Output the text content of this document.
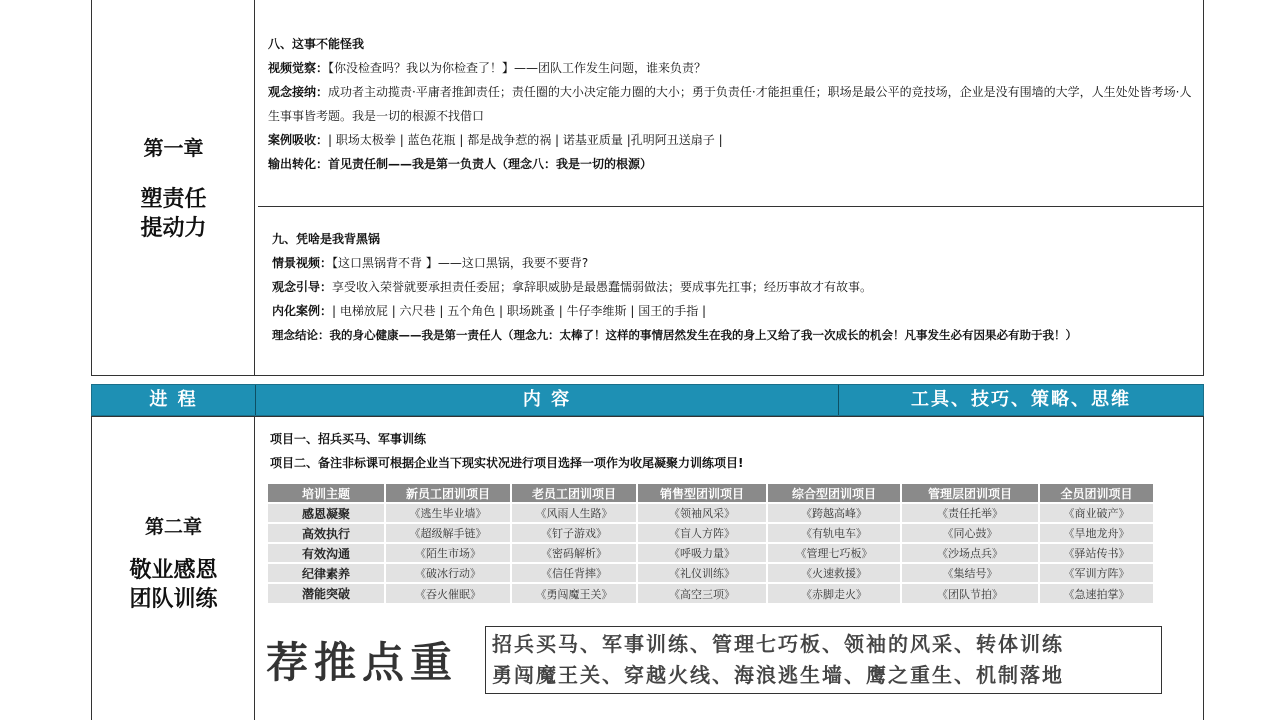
第一章
塑责任
提动力
八、这事不能怪我
视频觉察：【你没检查吗？我以为你检查了！】——团队工作发生问题，谁来负责？
观念接纳：成功者主动揽责·平庸者推卸责任；责任圈的大小决定能力圈的大小；勇于负责任·才能担重任；职场是最公平的竞技场，企业是没有围墙的大学，人生处处皆考场·人生事事皆考题。我是一切的根源不找借口
案例吸收：| 职场太极拳 | 蓝色花瓶 | 都是战争惹的祸 | 诺基亚质量 |孔明阿丑送扇子 |
输出转化：首见责任制——我是第一负责人（理念八：我是一切的根源）
九、凭啥是我背黑锅
情景视频：【这口黑锅背不背 】——这口黑锅，我要不要背?
观念引导：享受收入荣誉就要承担责任委屈；拿辞职威胁是最愚蠢懦弱做法；要成事先扛事；经历事故才有故事。
内化案例：| 电梯放屁 | 六尺巷 | 五个角色 | 职场跳蚤 | 牛仔李维斯 | 国王的手指 |
理念结论：我的身心健康——我是第一责任人（理念九：太棒了！这样的事情居然发生在我的身上又给了我一次成长的机会！凡事发生必有因果必有助于我！）
进 程	内 容	工具、技巧、策略、思维
第二章
敬业感恩
团队训练
项目一、招兵买马、军事训练
项目二、备注非标课可根据企业当下现实状况进行项目选择一项作为收尾凝聚力训练项目!
培训主题	新员工团训项目	老员工团训项目	销售型团训项目	综合型团训项目	管理层团训项目	全员团训项目
感恩凝聚	《逃生毕业墙》	《风雨人生路》	《领袖风采》	《跨越高峰》	《责任托举》	《商业破产》
高效执行	《超级解手链》	《钉子游戏》	《盲人方阵》	《有轨电车》	《同心鼓》	《旱地龙舟》
有效沟通	《陌生市场》	《密码解析》	《呼吸力量》	《管理七巧板》	《沙场点兵》	《驿站传书》
纪律素养	《破冰行动》	《信任背摔》	《礼仪训练》	《火速救援》	《集结号》	《军训方阵》
潜能突破	《吞火催眠》	《勇闯魔王关》	《高空三项》	《赤脚走火》	《团队节拍》	《急速拍掌》
荐推点重 招兵买马、军事训练、管理七巧板、领袖的风采、转体训练
勇闯魔王关、穿越火线、海浪逃生墙、鹰之重生、机制落地
